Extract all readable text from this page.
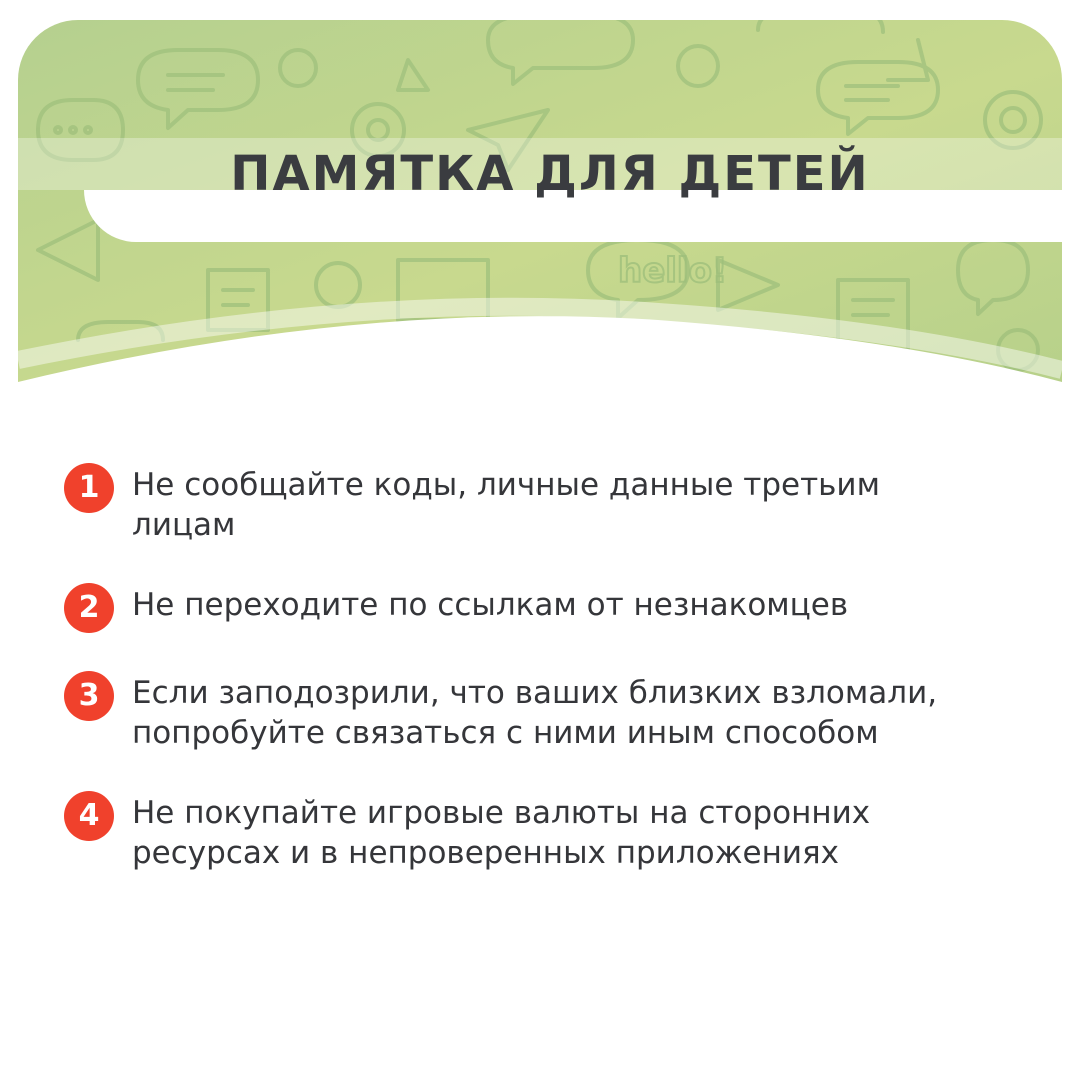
hello!
ПАМЯТКА ДЛЯ ДЕТЕЙ
1	Не сообщайте коды, личные данные третьим лицам
2	Не переходите по ссылкам от незнакомцев
3	Если заподозрили, что ваших близких взломали, попробуйте связаться с ними иным способом
4	Не покупайте игровые валюты на сторонних ресурсах и в непроверенных приложениях
